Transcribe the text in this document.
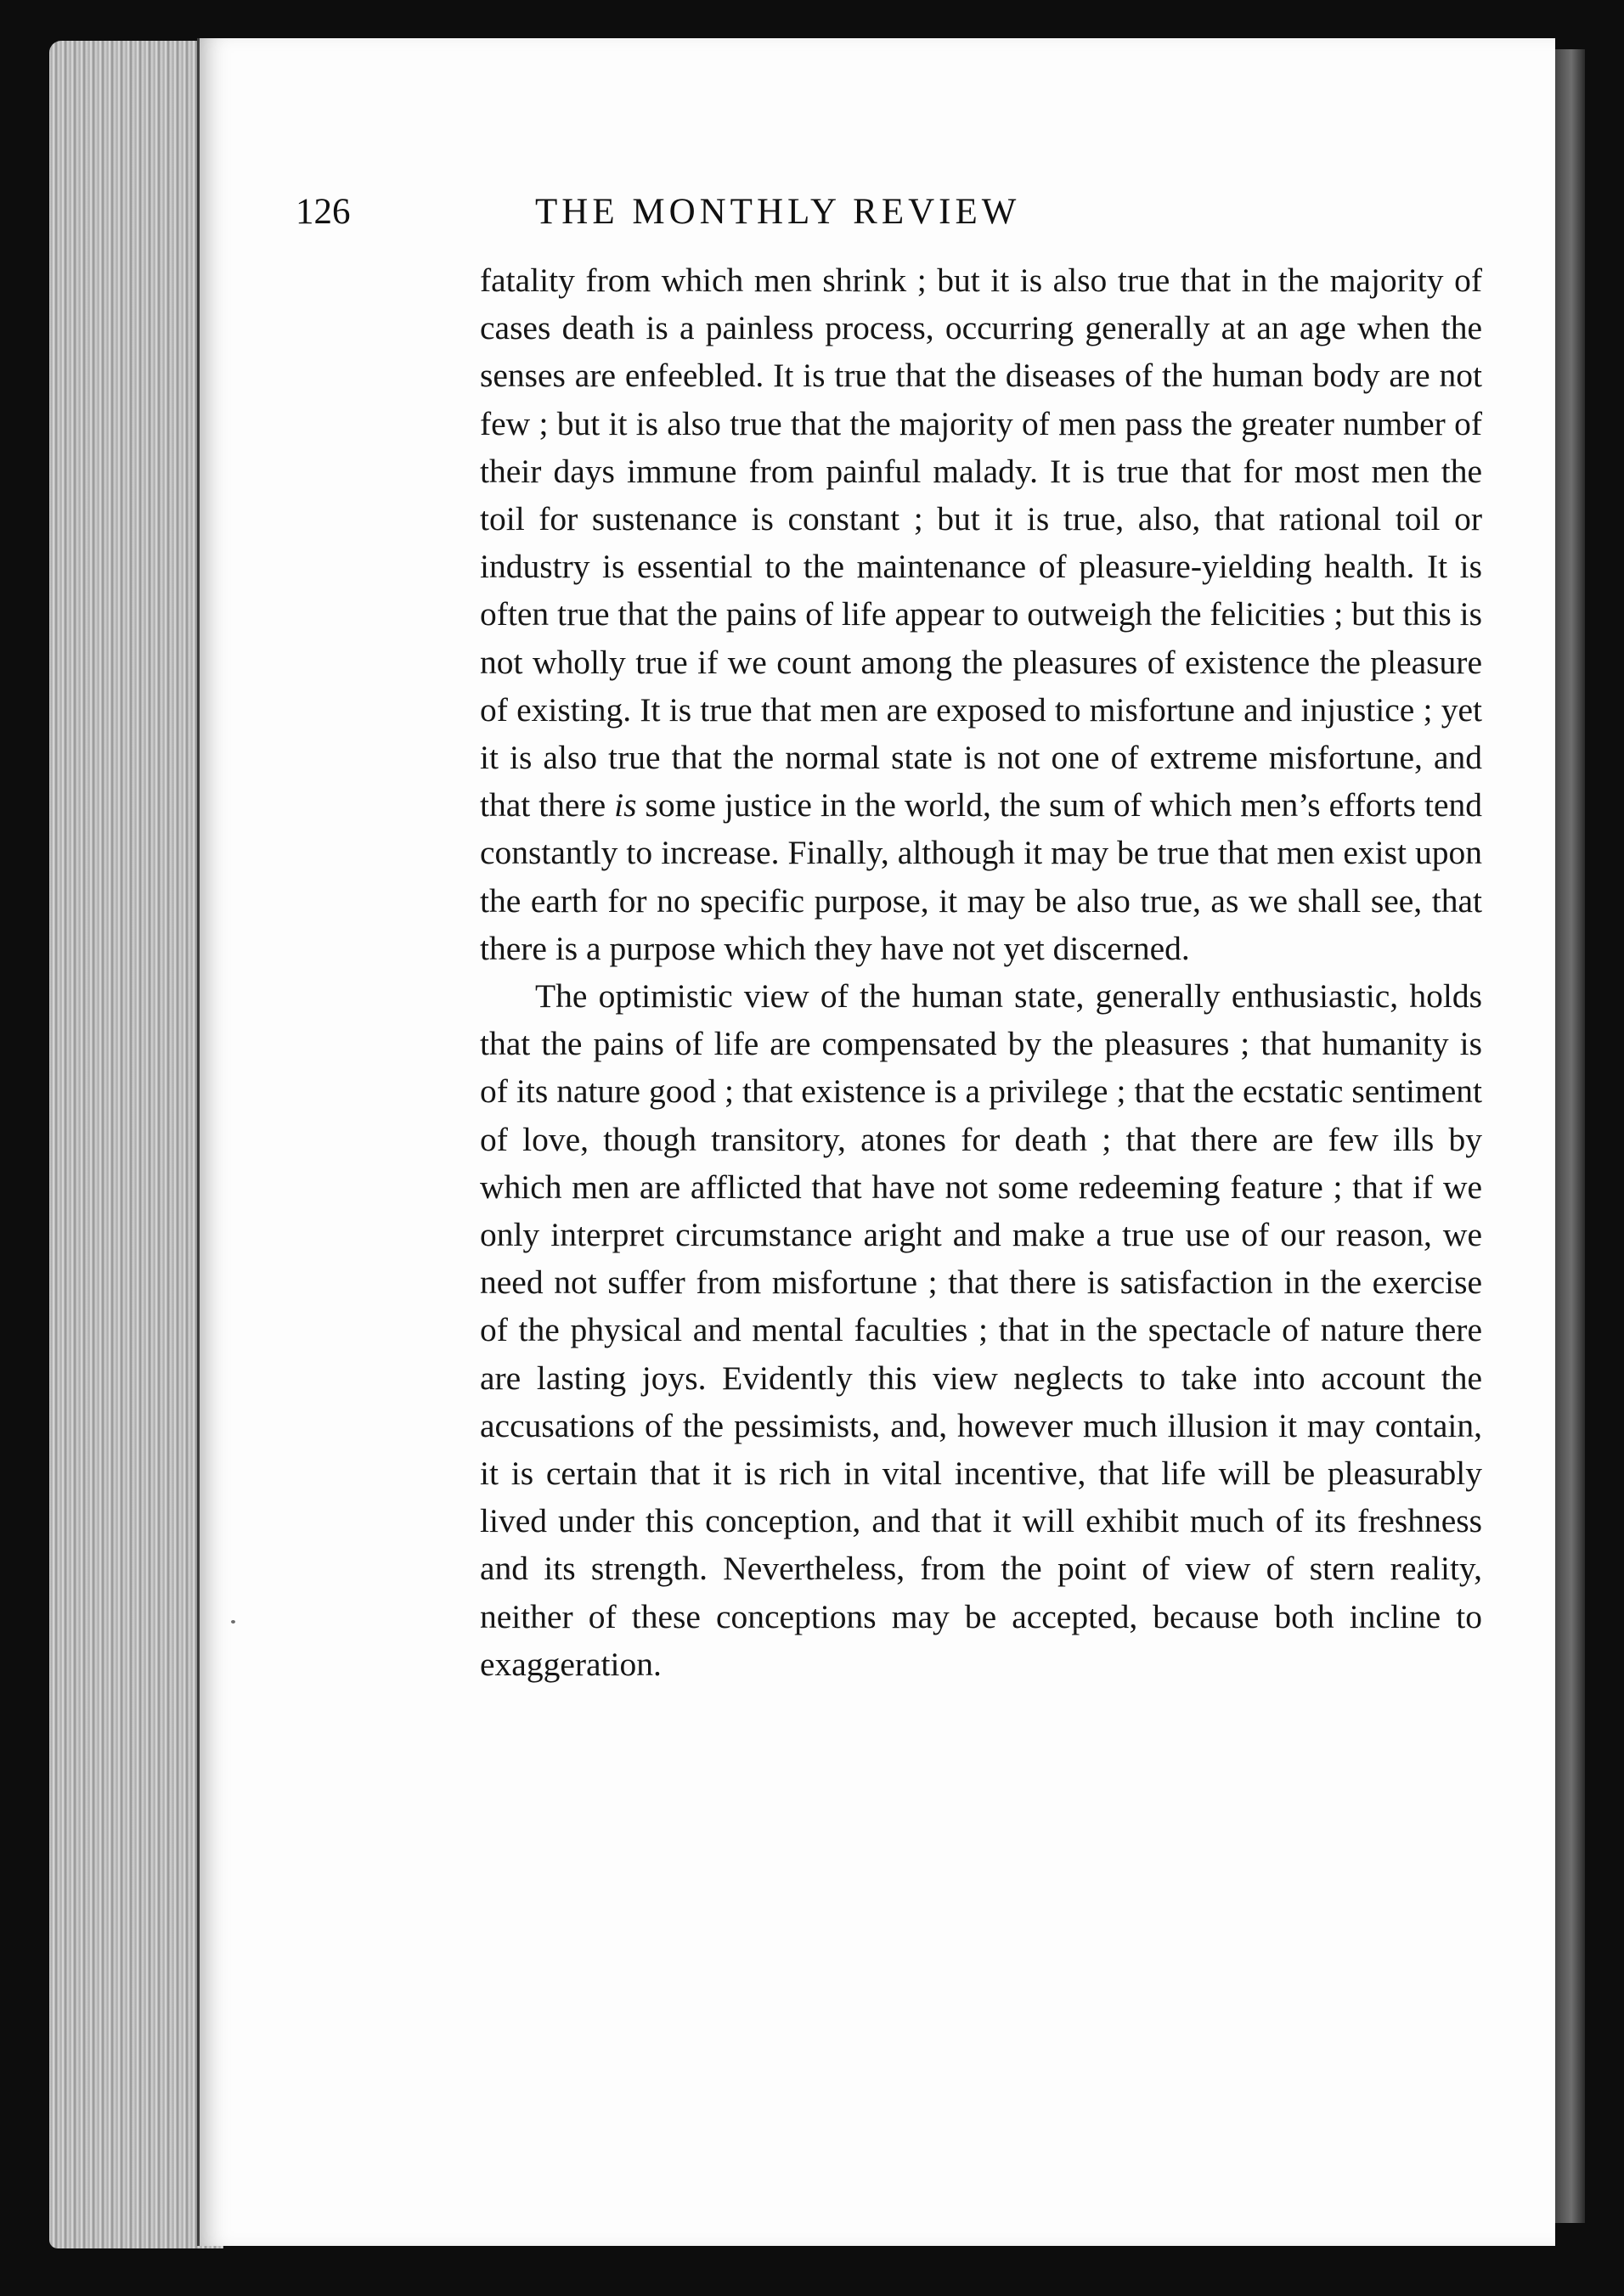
126	THE MONTHLY REVIEW

fatality from which men shrink ; but it is also true that in the majority of cases death is a painless process, occurring generally at an age when the senses are enfeebled. It is true that the diseases of the human body are not few ; but it is also true that the majority of men pass the greater number of their days immune from painful malady. It is true that for most men the toil for sustenance is constant ; but it is true, also, that rational toil or industry is essential to the maintenance of pleasure-yielding health. It is often true that the pains of life appear to outweigh the felicities ; but this is not wholly true if we count among the pleasures of existence the pleasure of existing. It is true that men are exposed to misfortune and injustice ; yet it is also true that the normal state is not one of extreme misfortune, and that there is some justice in the world, the sum of which men’s efforts tend constantly to increase. Finally, although it may be true that men exist upon the earth for no specific purpose, it may be also true, as we shall see, that there is a purpose which they have not yet discerned.

The optimistic view of the human state, generally enthusiastic, holds that the pains of life are compensated by the pleasures ; that humanity is of its nature good ; that existence is a privilege ; that the ecstatic sentiment of love, though transitory, atones for death ; that there are few ills by which men are afflicted that have not some redeeming feature ; that if we only interpret circumstance aright and make a true use of our reason, we need not suffer from misfortune ; that there is satisfaction in the exercise of the physical and mental faculties ; that in the spectacle of nature there are lasting joys. Evidently this view neglects to take into account the accusations of the pessimists, and, however much illusion it may contain, it is certain that it is rich in vital incentive, that life will be pleasurably lived under this conception, and that it will exhibit much of its freshness and its strength. Nevertheless, from the point of view of stern reality, neither of these conceptions may be accepted, because both incline to exaggeration.
